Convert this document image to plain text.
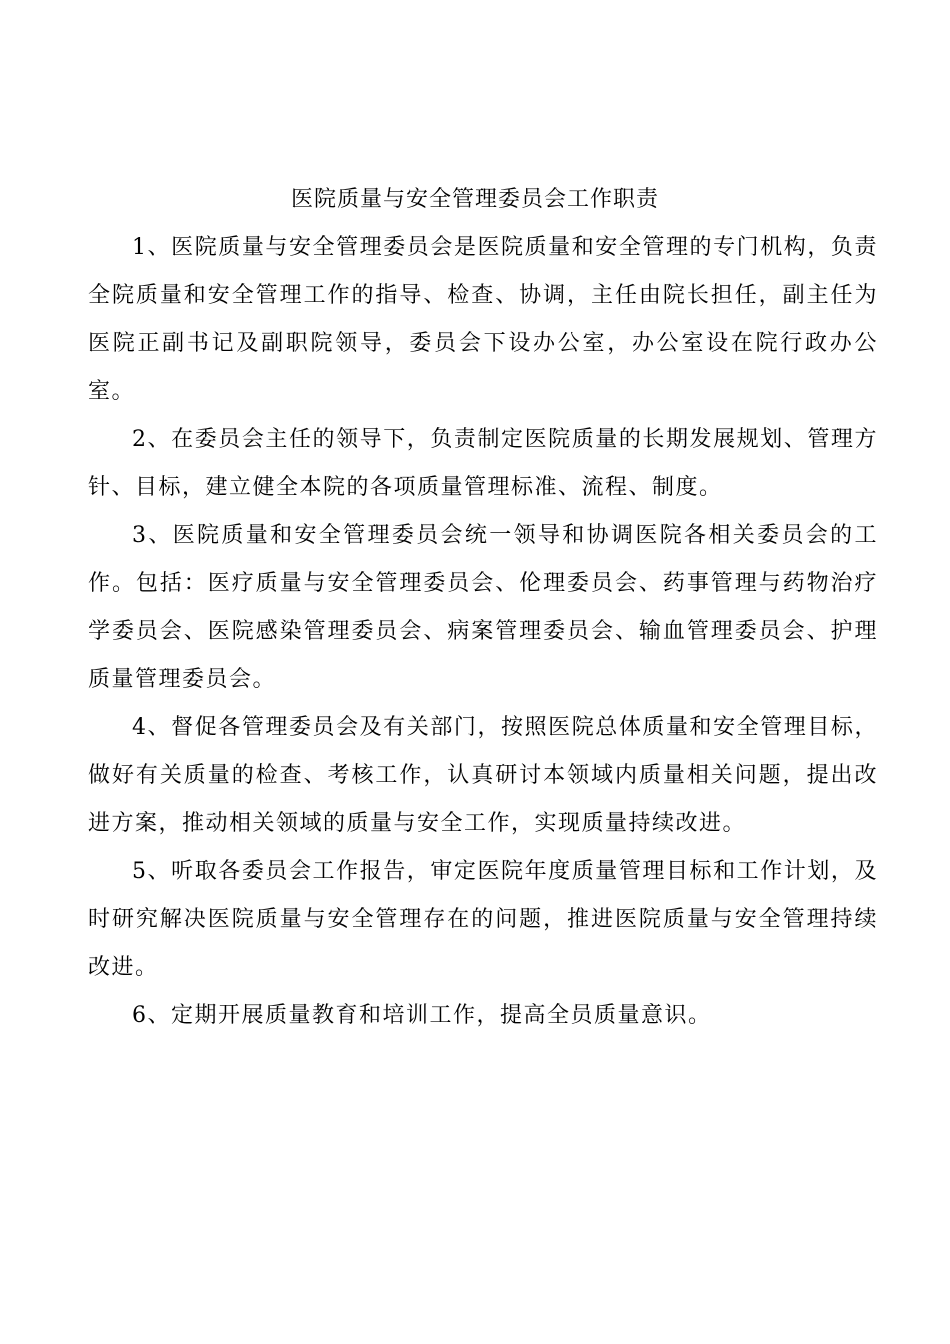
医院质量与安全管理委员会工作职责

1、医院质量与安全管理委员会是医院质量和安全管理的专门机构，负责全院质量和安全管理工作的指导、检查、协调，主任由院长担任，副主任为医院正副书记及副职院领导，委员会下设办公室，办公室设在院行政办公室。

2、在委员会主任的领导下，负责制定医院质量的长期发展规划、管理方针、目标，建立健全本院的各项质量管理标准、流程、制度。

3、医院质量和安全管理委员会统一领导和协调医院各相关委员会的工作。包括：医疗质量与安全管理委员会、伦理委员会、药事管理与药物治疗学委员会、医院感染管理委员会、病案管理委员会、输血管理委员会、护理质量管理委员会。

4、督促各管理委员会及有关部门，按照医院总体质量和安全管理目标，做好有关质量的检查、考核工作，认真研讨本领域内质量相关问题，提出改进方案，推动相关领域的质量与安全工作，实现质量持续改进。

5、听取各委员会工作报告，审定医院年度质量管理目标和工作计划，及时研究解决医院质量与安全管理存在的问题，推进医院质量与安全管理持续改进。

6、定期开展质量教育和培训工作，提高全员质量意识。
